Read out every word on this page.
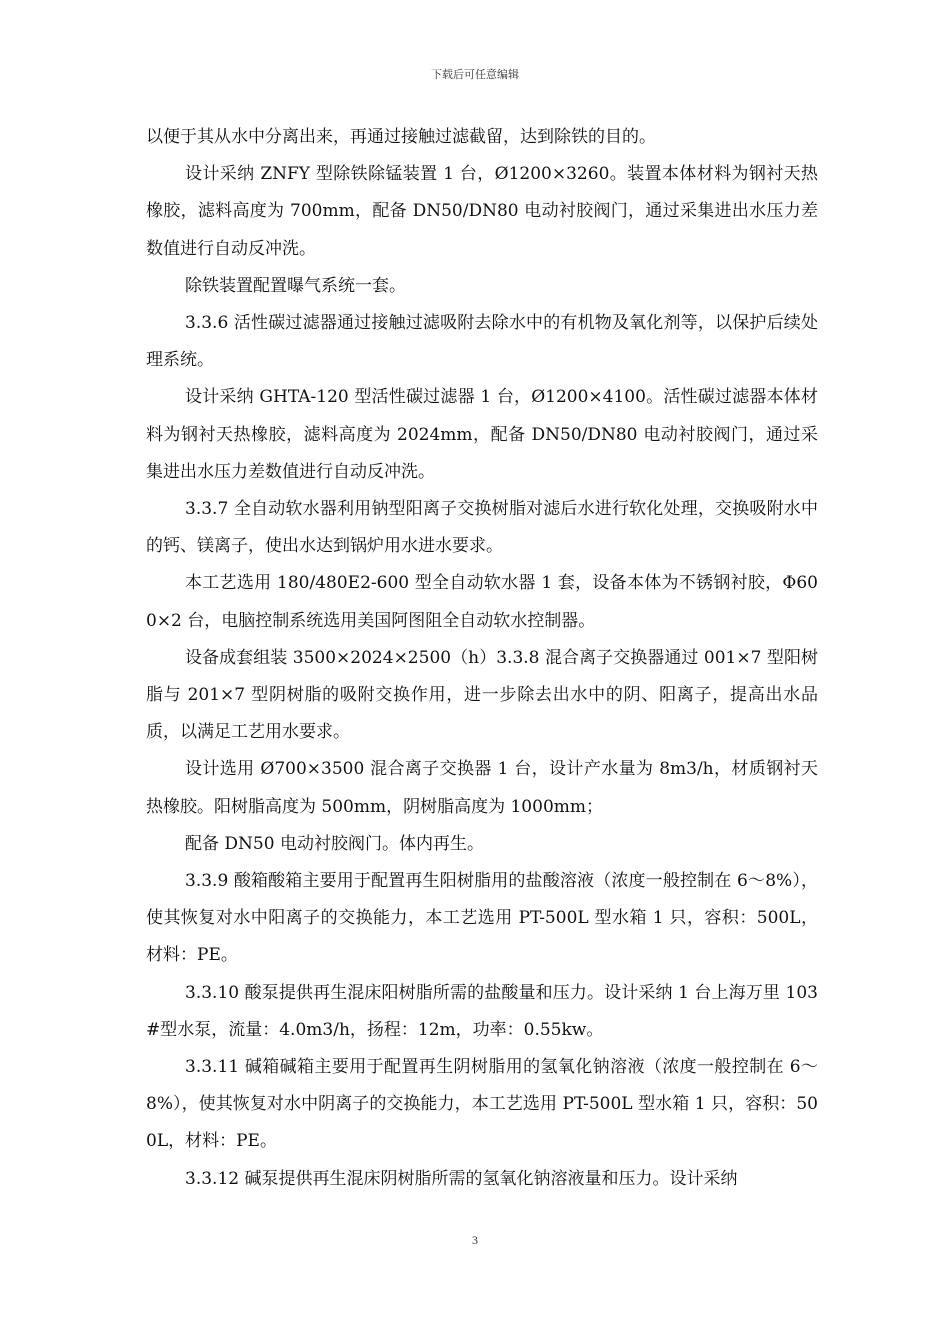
下载后可任意编辑

以便于其从水中分离出来，再通过接触过滤截留，达到除铁的目的。

设计采纳 ZNFY 型除铁除锰装置 1 台，Ø1200×3260。装置本体材料为钢衬天热橡胶，滤料高度为 700mm，配备 DN50/DN80 电动衬胶阀门，通过采集进出水压力差数值进行自动反冲洗。

除铁装置配置曝气系统一套。

3.3.6 活性碳过滤器通过接触过滤吸附去除水中的有机物及氧化剂等，以保护后续处理系统。

设计采纳 GHTA-120 型活性碳过滤器 1 台，Ø1200×4100。活性碳过滤器本体材料为钢衬天热橡胶，滤料高度为 2024mm，配备 DN50/DN80 电动衬胶阀门，通过采集进出水压力差数值进行自动反冲洗。

3.3.7 全自动软水器利用钠型阳离子交换树脂对滤后水进行软化处理，交换吸附水中的钙、镁离子，使出水达到锅炉用水进水要求。

本工艺选用 180/480E2-600 型全自动软水器 1 套，设备本体为不锈钢衬胶，Φ600×2 台，电脑控制系统选用美国阿图阻全自动软水控制器。

设备成套组装 3500×2024×2500（h）3.3.8 混合离子交换器通过 001×7 型阳树脂与 201×7 型阴树脂的吸附交换作用，进一步除去出水中的阴、阳离子，提高出水品质，以满足工艺用水要求。

设计选用 Ø700×3500 混合离子交换器 1 台，设计产水量为 8m3/h，材质钢衬天热橡胶。阳树脂高度为 500mm，阴树脂高度为 1000mm；

配备 DN50 电动衬胶阀门。体内再生。

3.3.9 酸箱酸箱主要用于配置再生阳树脂用的盐酸溶液（浓度一般控制在 6～8%），使其恢复对水中阳离子的交换能力，本工艺选用 PT-500L 型水箱 1 只，容积：500L，材料：PE。

3.3.10 酸泵提供再生混床阳树脂所需的盐酸量和压力。设计采纳 1 台上海万里 103#型水泵，流量：4.0m3/h，扬程：12m，功率：0.55kw。

3.3.11 碱箱碱箱主要用于配置再生阴树脂用的氢氧化钠溶液（浓度一般控制在 6～8%），使其恢复对水中阴离子的交换能力，本工艺选用 PT-500L 型水箱 1 只，容积：500L，材料：PE。

3.3.12 碱泵提供再生混床阴树脂所需的氢氧化钠溶液量和压力。设计采纳

3
